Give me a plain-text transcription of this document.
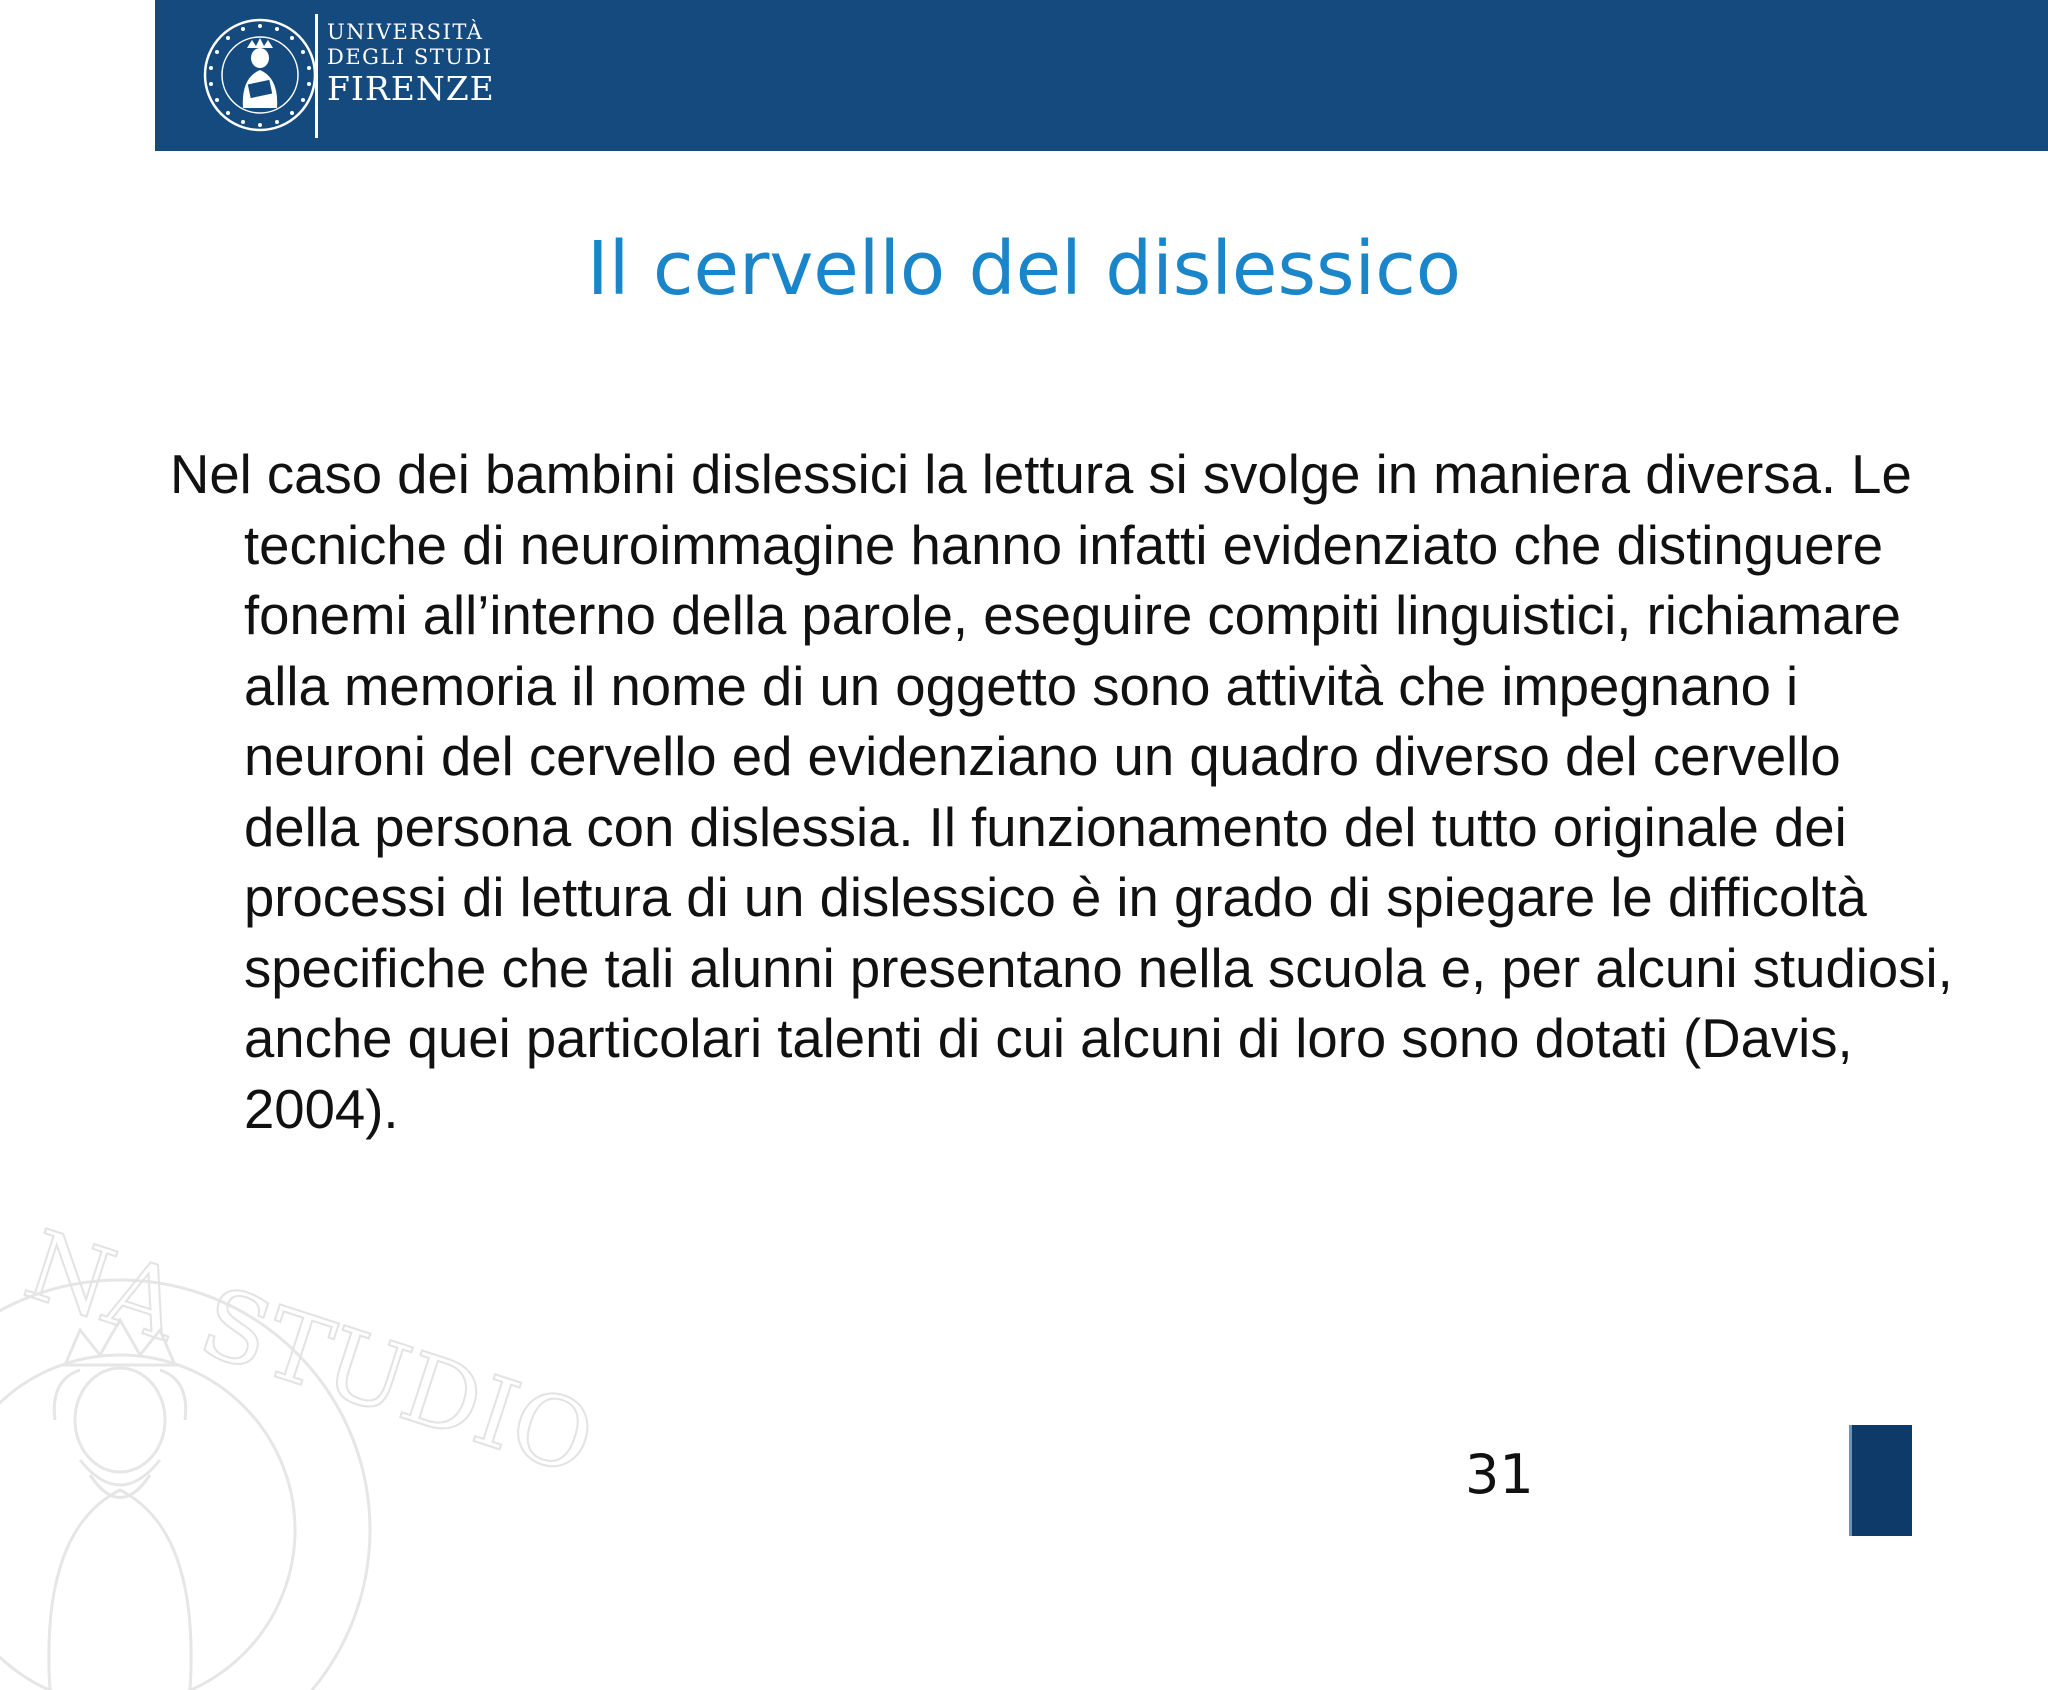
UNIVERSITÀ
DEGLI STUDI
FIRENZE
Il cervello del dislessico

Nel caso dei bambini dislessici la lettura si svolge in maniera diversa. Le tecniche di neuroimmagine hanno infatti evidenziato che distinguere fonemi all’interno della parole, eseguire compiti linguistici, richiamare alla memoria il nome di un oggetto sono attività che impegnano i neuroni del cervello ed evidenziano un quadro diverso del cervello della persona con dislessia. Il funzionamento del tutto originale dei processi di lettura di un dislessico è in grado di spiegare le difficoltà specifiche che tali alunni presentano nella scuola e, per alcuni studiosi, anche quei particolari talenti di cui alcuni di loro sono dotati (Davis, 2004).

NA STUDIO	31
